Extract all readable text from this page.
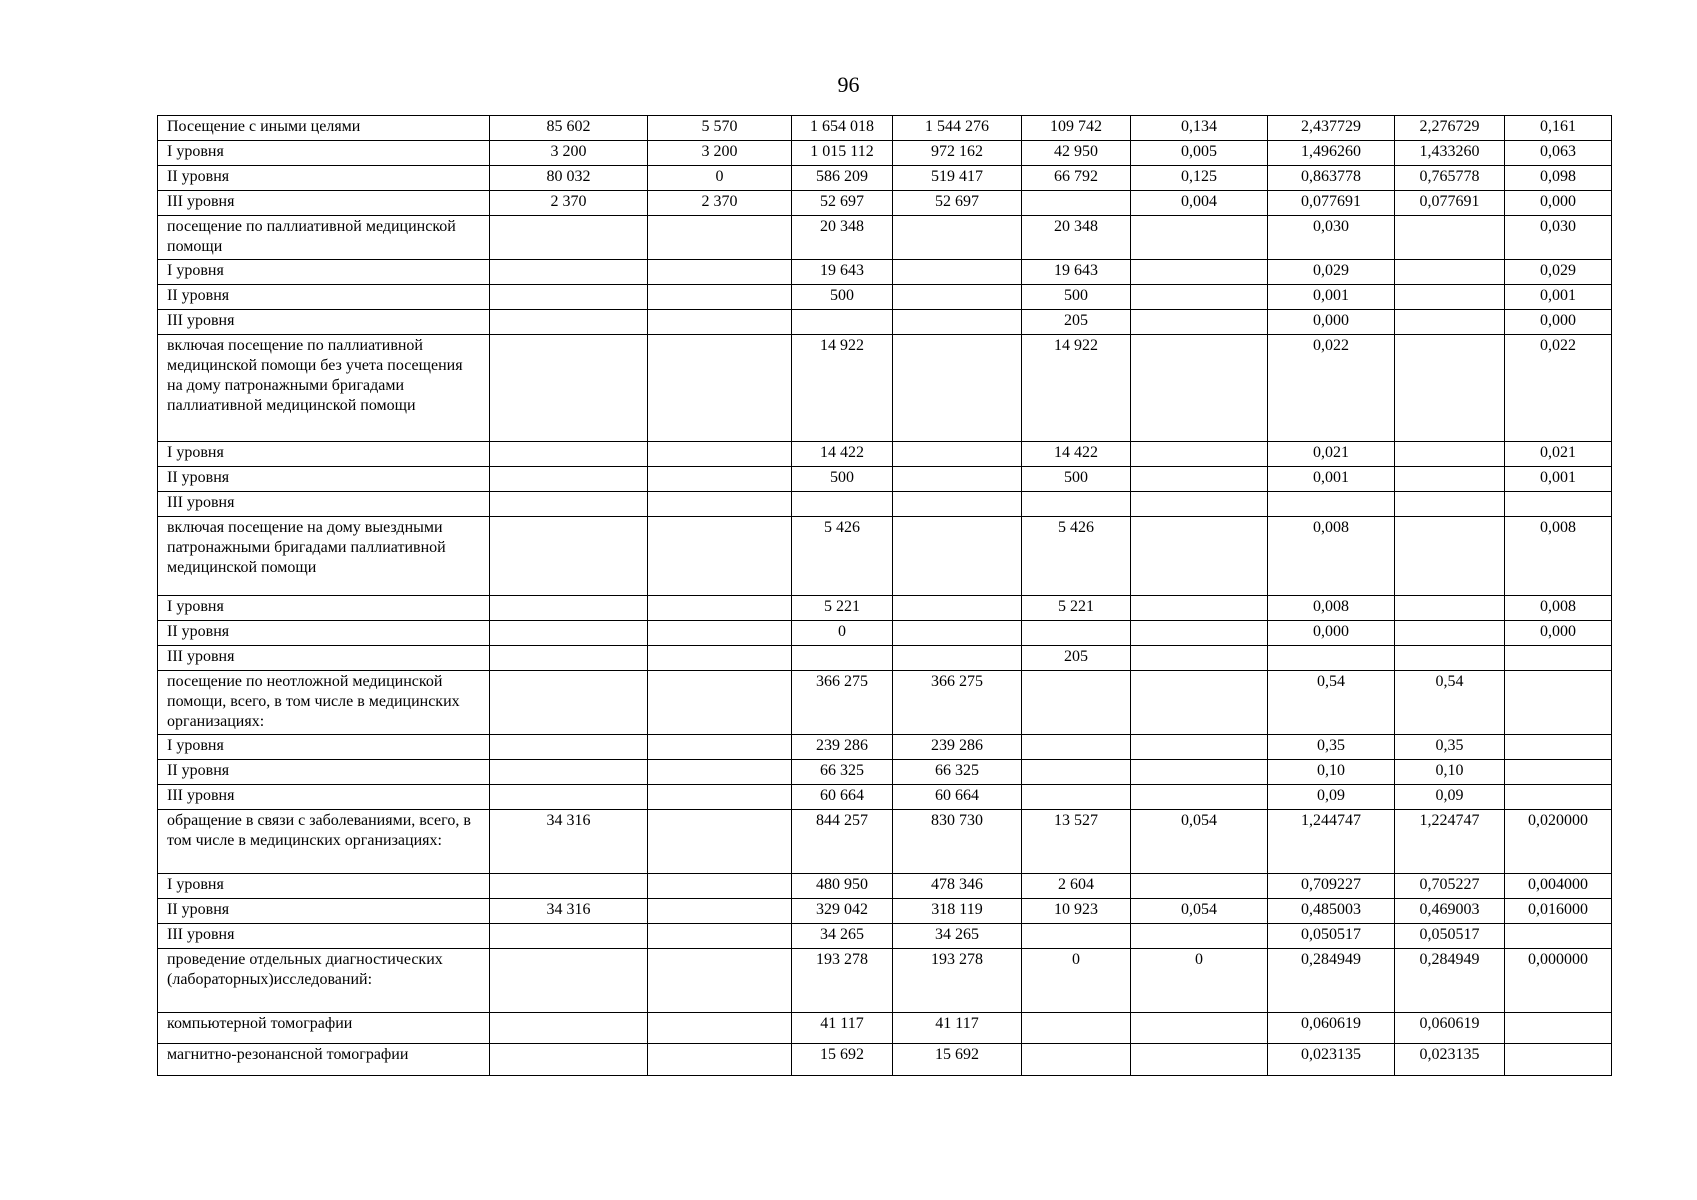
96
Посещение с иными целями	85 602	5 570	1 654 018	1 544 276	109 742	0,134	2,437729	2,276729	0,161
I уровня	3 200	3 200	1 015 112	972 162	42 950	0,005	1,496260	1,433260	0,063
II уровня	80 032	0	586 209	519 417	66 792	0,125	0,863778	0,765778	0,098
III уровня	2 370	2 370	52 697	52 697		0,004	0,077691	0,077691	0,000
посещение по паллиативной медицинской помощи			20 348		20 348		0,030		0,030
I уровня			19 643		19 643		0,029		0,029
II уровня			500		500		0,001		0,001
III уровня					205		0,000		0,000
включая посещение по паллиативной медицинской помощи без учета посещения на дому патронажными бригадами паллиативной медицинской помощи			14 922		14 922		0,022		0,022
I уровня			14 422		14 422		0,021		0,021
II уровня			500		500		0,001		0,001
III уровня									
включая посещение на дому выездными патронажными бригадами паллиативной медицинской помощи			5 426		5 426		0,008		0,008
I уровня			5 221		5 221		0,008		0,008
II уровня			0				0,000		0,000
III уровня					205				
посещение по неотложной медицинской помощи, всего, в том числе в медицинских организациях:			366 275	366 275			0,54	0,54	
I уровня			239 286	239 286			0,35	0,35	
II уровня			66 325	66 325			0,10	0,10	
III уровня			60 664	60 664			0,09	0,09	
обращение в связи с заболеваниями, всего, в том числе в медицинских организациях:	34 316		844 257	830 730	13 527	0,054	1,244747	1,224747	0,020000
I уровня			480 950	478 346	2 604		0,709227	0,705227	0,004000
II уровня	34 316		329 042	318 119	10 923	0,054	0,485003	0,469003	0,016000
III уровня			34 265	34 265			0,050517	0,050517	
проведение отдельных диагностических (лабораторных)исследований:			193 278	193 278	0	0	0,284949	0,284949	0,000000
компьютерной томографии			41 117	41 117			0,060619	0,060619	
магнитно-резонансной томографии			15 692	15 692			0,023135	0,023135	
